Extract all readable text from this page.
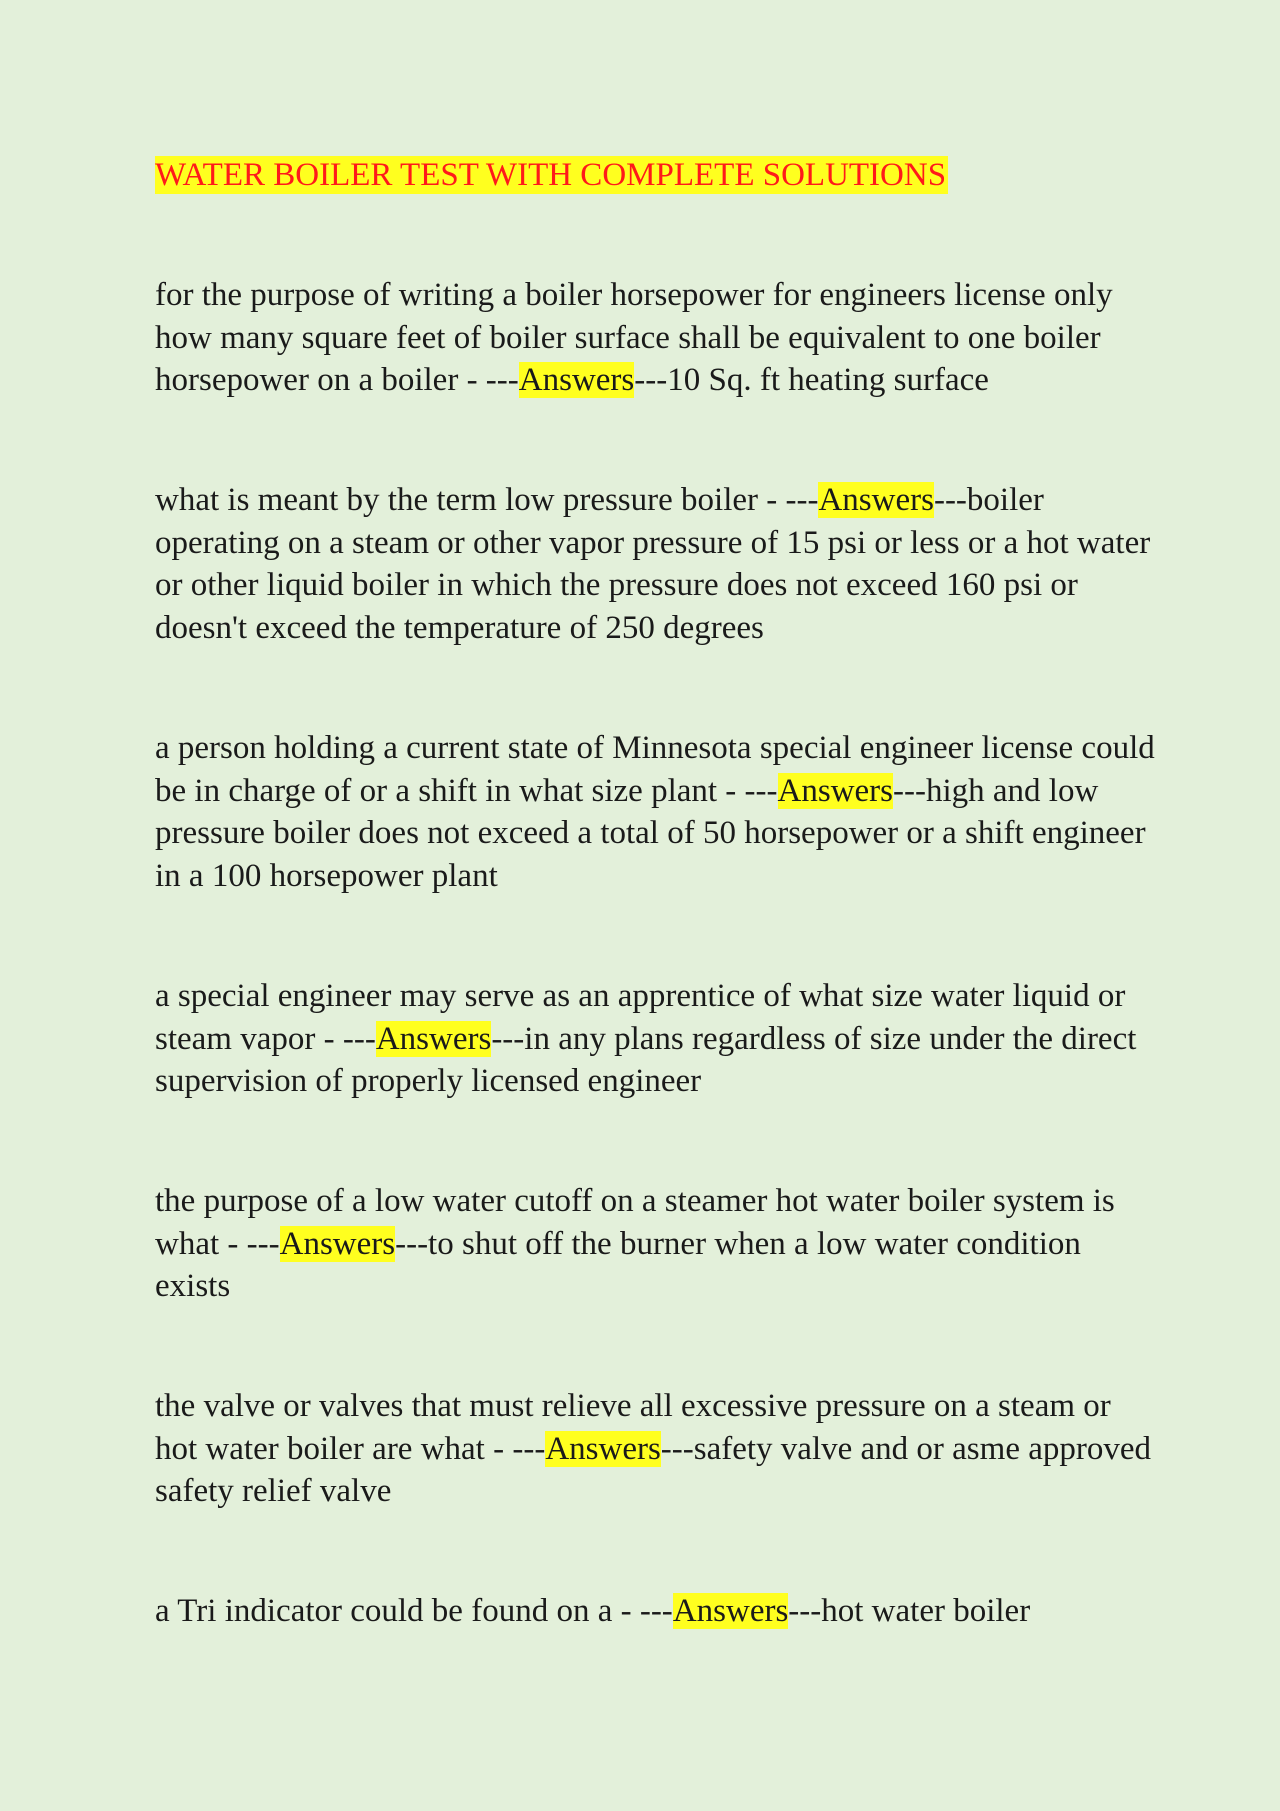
WATER BOILER TEST WITH COMPLETE SOLUTIONS

for the purpose of writing a boiler horsepower for engineers license only how many square feet of boiler surface shall be equivalent to one boiler horsepower on a boiler - ---Answers---10 Sq. ft heating surface

what is meant by the term low pressure boiler - ---Answers---boiler operating on a steam or other vapor pressure of 15 psi or less or a hot water or other liquid boiler in which the pressure does not exceed 160 psi or doesn't exceed the temperature of 250 degrees

a person holding a current state of Minnesota special engineer license could be in charge of or a shift in what size plant - ---Answers---high and low pressure boiler does not exceed a total of 50 horsepower or a shift engineer in a 100 horsepower plant

a special engineer may serve as an apprentice of what size water liquid or steam vapor - ---Answers---in any plans regardless of size under the direct supervision of properly licensed engineer

the purpose of a low water cutoff on a steamer hot water boiler system is what - ---Answers---to shut off the burner when a low water condition exists

the valve or valves that must relieve all excessive pressure on a steam or hot water boiler are what - ---Answers---safety valve and or asme approved safety relief valve

a Tri indicator could be found on a - ---Answers---hot water boiler
